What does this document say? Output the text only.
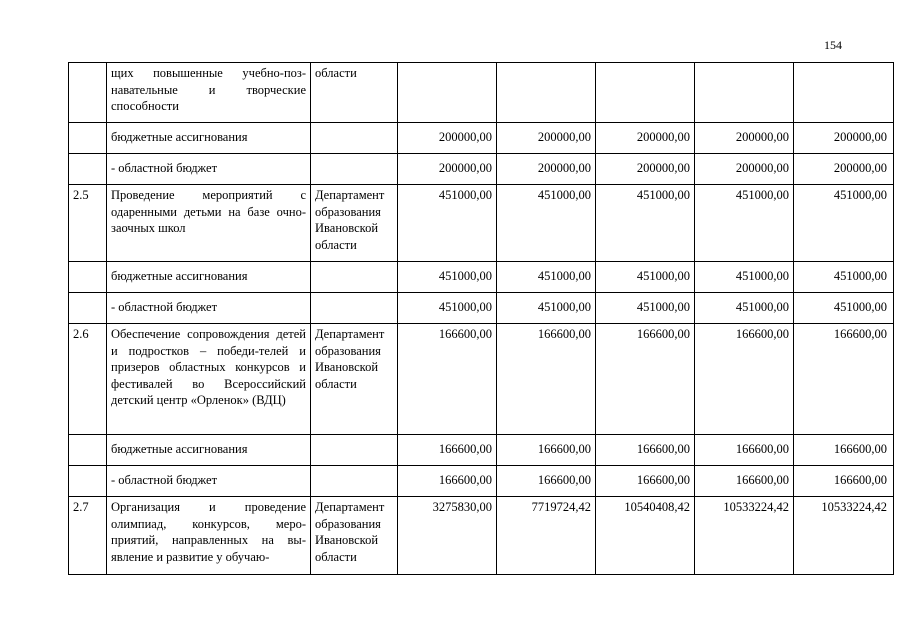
154
	щих повышенные учебно-поз-навательные и творческие способности	области					
	бюджетные ассигнования		200000,00	200000,00	200000,00	200000,00	200000,00
	- областной бюджет		200000,00	200000,00	200000,00	200000,00	200000,00
2.5	Проведение мероприятий с одаренными детьми на базе очно-заочных школ	Департамент образования Ивановской области	451000,00	451000,00	451000,00	451000,00	451000,00
	бюджетные ассигнования		451000,00	451000,00	451000,00	451000,00	451000,00
	- областной бюджет		451000,00	451000,00	451000,00	451000,00	451000,00
2.6	Обеспечение сопровождения детей и подростков – победи-телей и призеров областных конкурсов и фестивалей во Всероссийский детский центр «Орленок» (ВДЦ)	Департамент образования Ивановской области	166600,00	166600,00	166600,00	166600,00	166600,00
	бюджетные ассигнования		166600,00	166600,00	166600,00	166600,00	166600,00
	- областной бюджет		166600,00	166600,00	166600,00	166600,00	166600,00
2.7	Организация и проведение олимпиад, конкурсов, меро-приятий, направленных на вы-явление и развитие у обучаю-	Департамент образования Ивановской области	3275830,00	7719724,42	10540408,42	10533224,42	10533224,42
